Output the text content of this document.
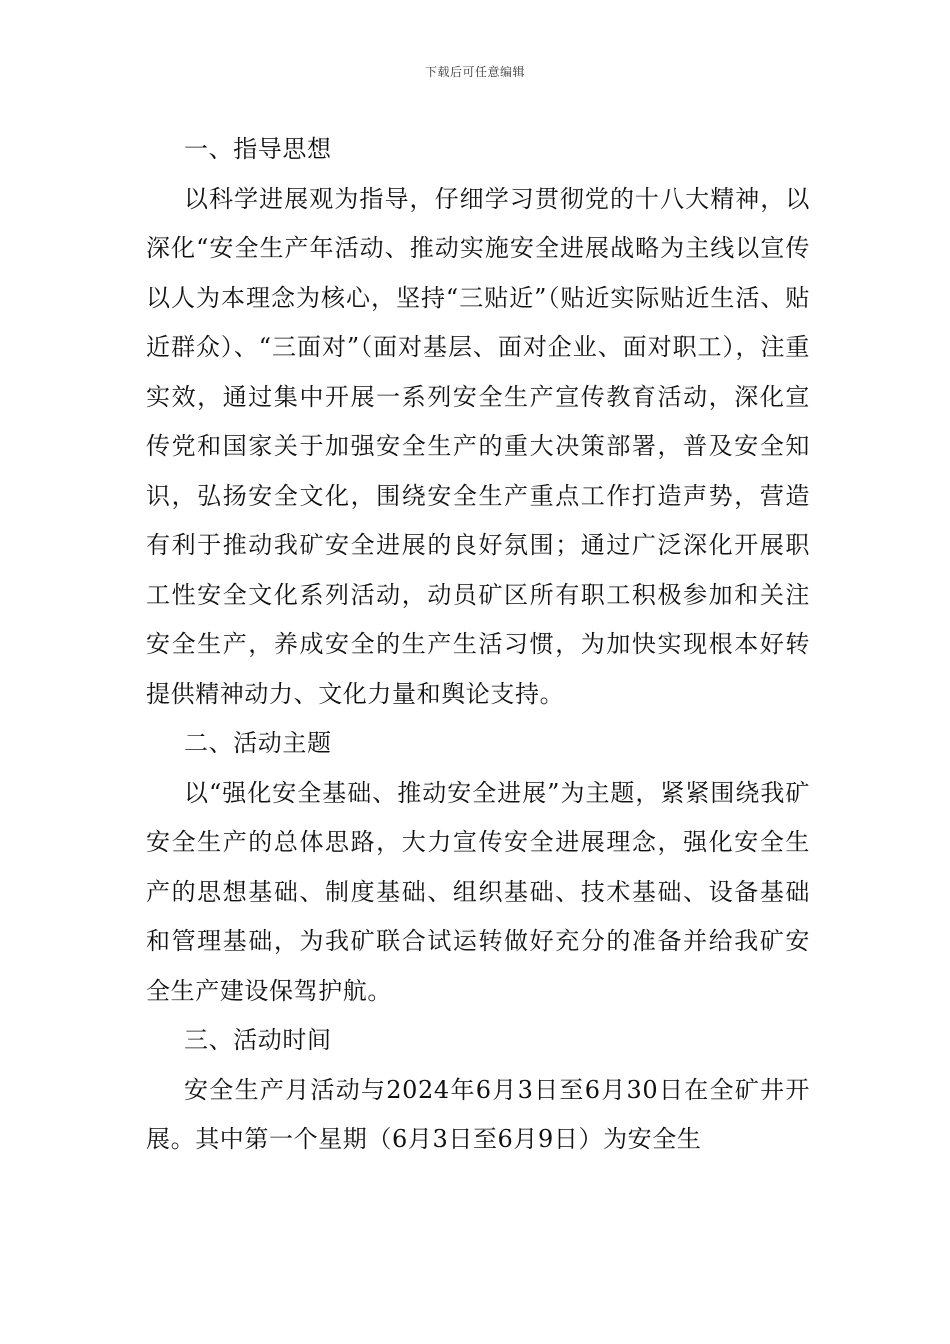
下载后可任意编辑

一、指导思想

以科学进展观为指导，仔细学习贯彻党的十八大精神，以深化“安全生产年活动、推动实施安全进展战略为主线以宣传以人为本理念为核心，坚持“三贴近”（贴近实际贴近生活、贴近群众）、“三面对”（面对基层、面对企业、面对职工），注重实效，通过集中开展一系列安全生产宣传教育活动，深化宣传党和国家关于加强安全生产的重大决策部署，普及安全知识，弘扬安全文化，围绕安全生产重点工作打造声势，营造有利于推动我矿安全进展的良好氛围；通过广泛深化开展职工性安全文化系列活动，动员矿区所有职工积极参加和关注安全生产，养成安全的生产生活习惯，为加快实现根本好转提供精神动力、文化力量和舆论支持。

二、活动主题

以“强化安全基础、推动安全进展”为主题，紧紧围绕我矿安全生产的总体思路，大力宣传安全进展理念，强化安全生产的思想基础、制度基础、组织基础、技术基础、设备基础和管理基础，为我矿联合试运转做好充分的准备并给我矿安全生产建设保驾护航。

三、活动时间

安全生产月活动与2024年6月3日至6月30日在全矿井开展。其中第一个星期（6月3日至6月9日）为安全生
